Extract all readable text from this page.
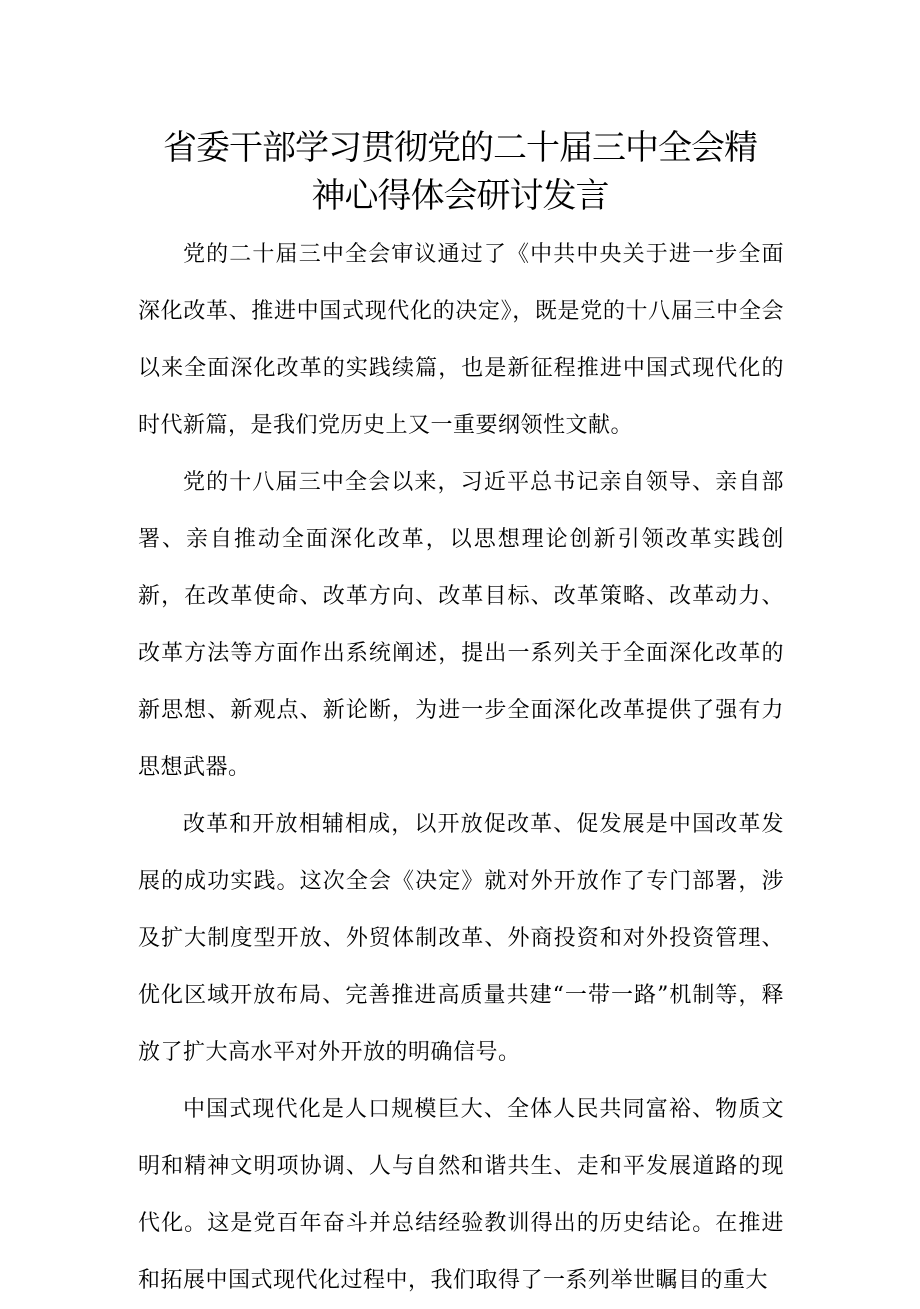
省委干部学习贯彻党的二十届三中全会精
神心得体会研讨发言

党的二十届三中全会审议通过了《中共中央关于进一步全面深化改革、推进中国式现代化的决定》，既是党的十八届三中全会以来全面深化改革的实践续篇，也是新征程推进中国式现代化的时代新篇，是我们党历史上又一重要纲领性文献。

党的十八届三中全会以来，习近平总书记亲自领导、亲自部署、亲自推动全面深化改革，以思想理论创新引领改革实践创新，在改革使命、改革方向、改革目标、改革策略、改革动力、改革方法等方面作出系统阐述，提出一系列关于全面深化改革的新思想、新观点、新论断，为进一步全面深化改革提供了强有力思想武器。

改革和开放相辅相成，以开放促改革、促发展是中国改革发展的成功实践。这次全会《决定》就对外开放作了专门部署，涉及扩大制度型开放、外贸体制改革、外商投资和对外投资管理、优化区域开放布局、完善推进高质量共建“一带一路”机制等，释放了扩大高水平对外开放的明确信号。

中国式现代化是人口规模巨大、全体人民共同富裕、物质文明和精神文明项协调、人与自然和谐共生、走和平发展道路的现代化。这是党百年奋斗并总结经验教训得出的历史结论。在推进和拓展中国式现代化过程中，我们取得了一系列举世瞩目的重大
